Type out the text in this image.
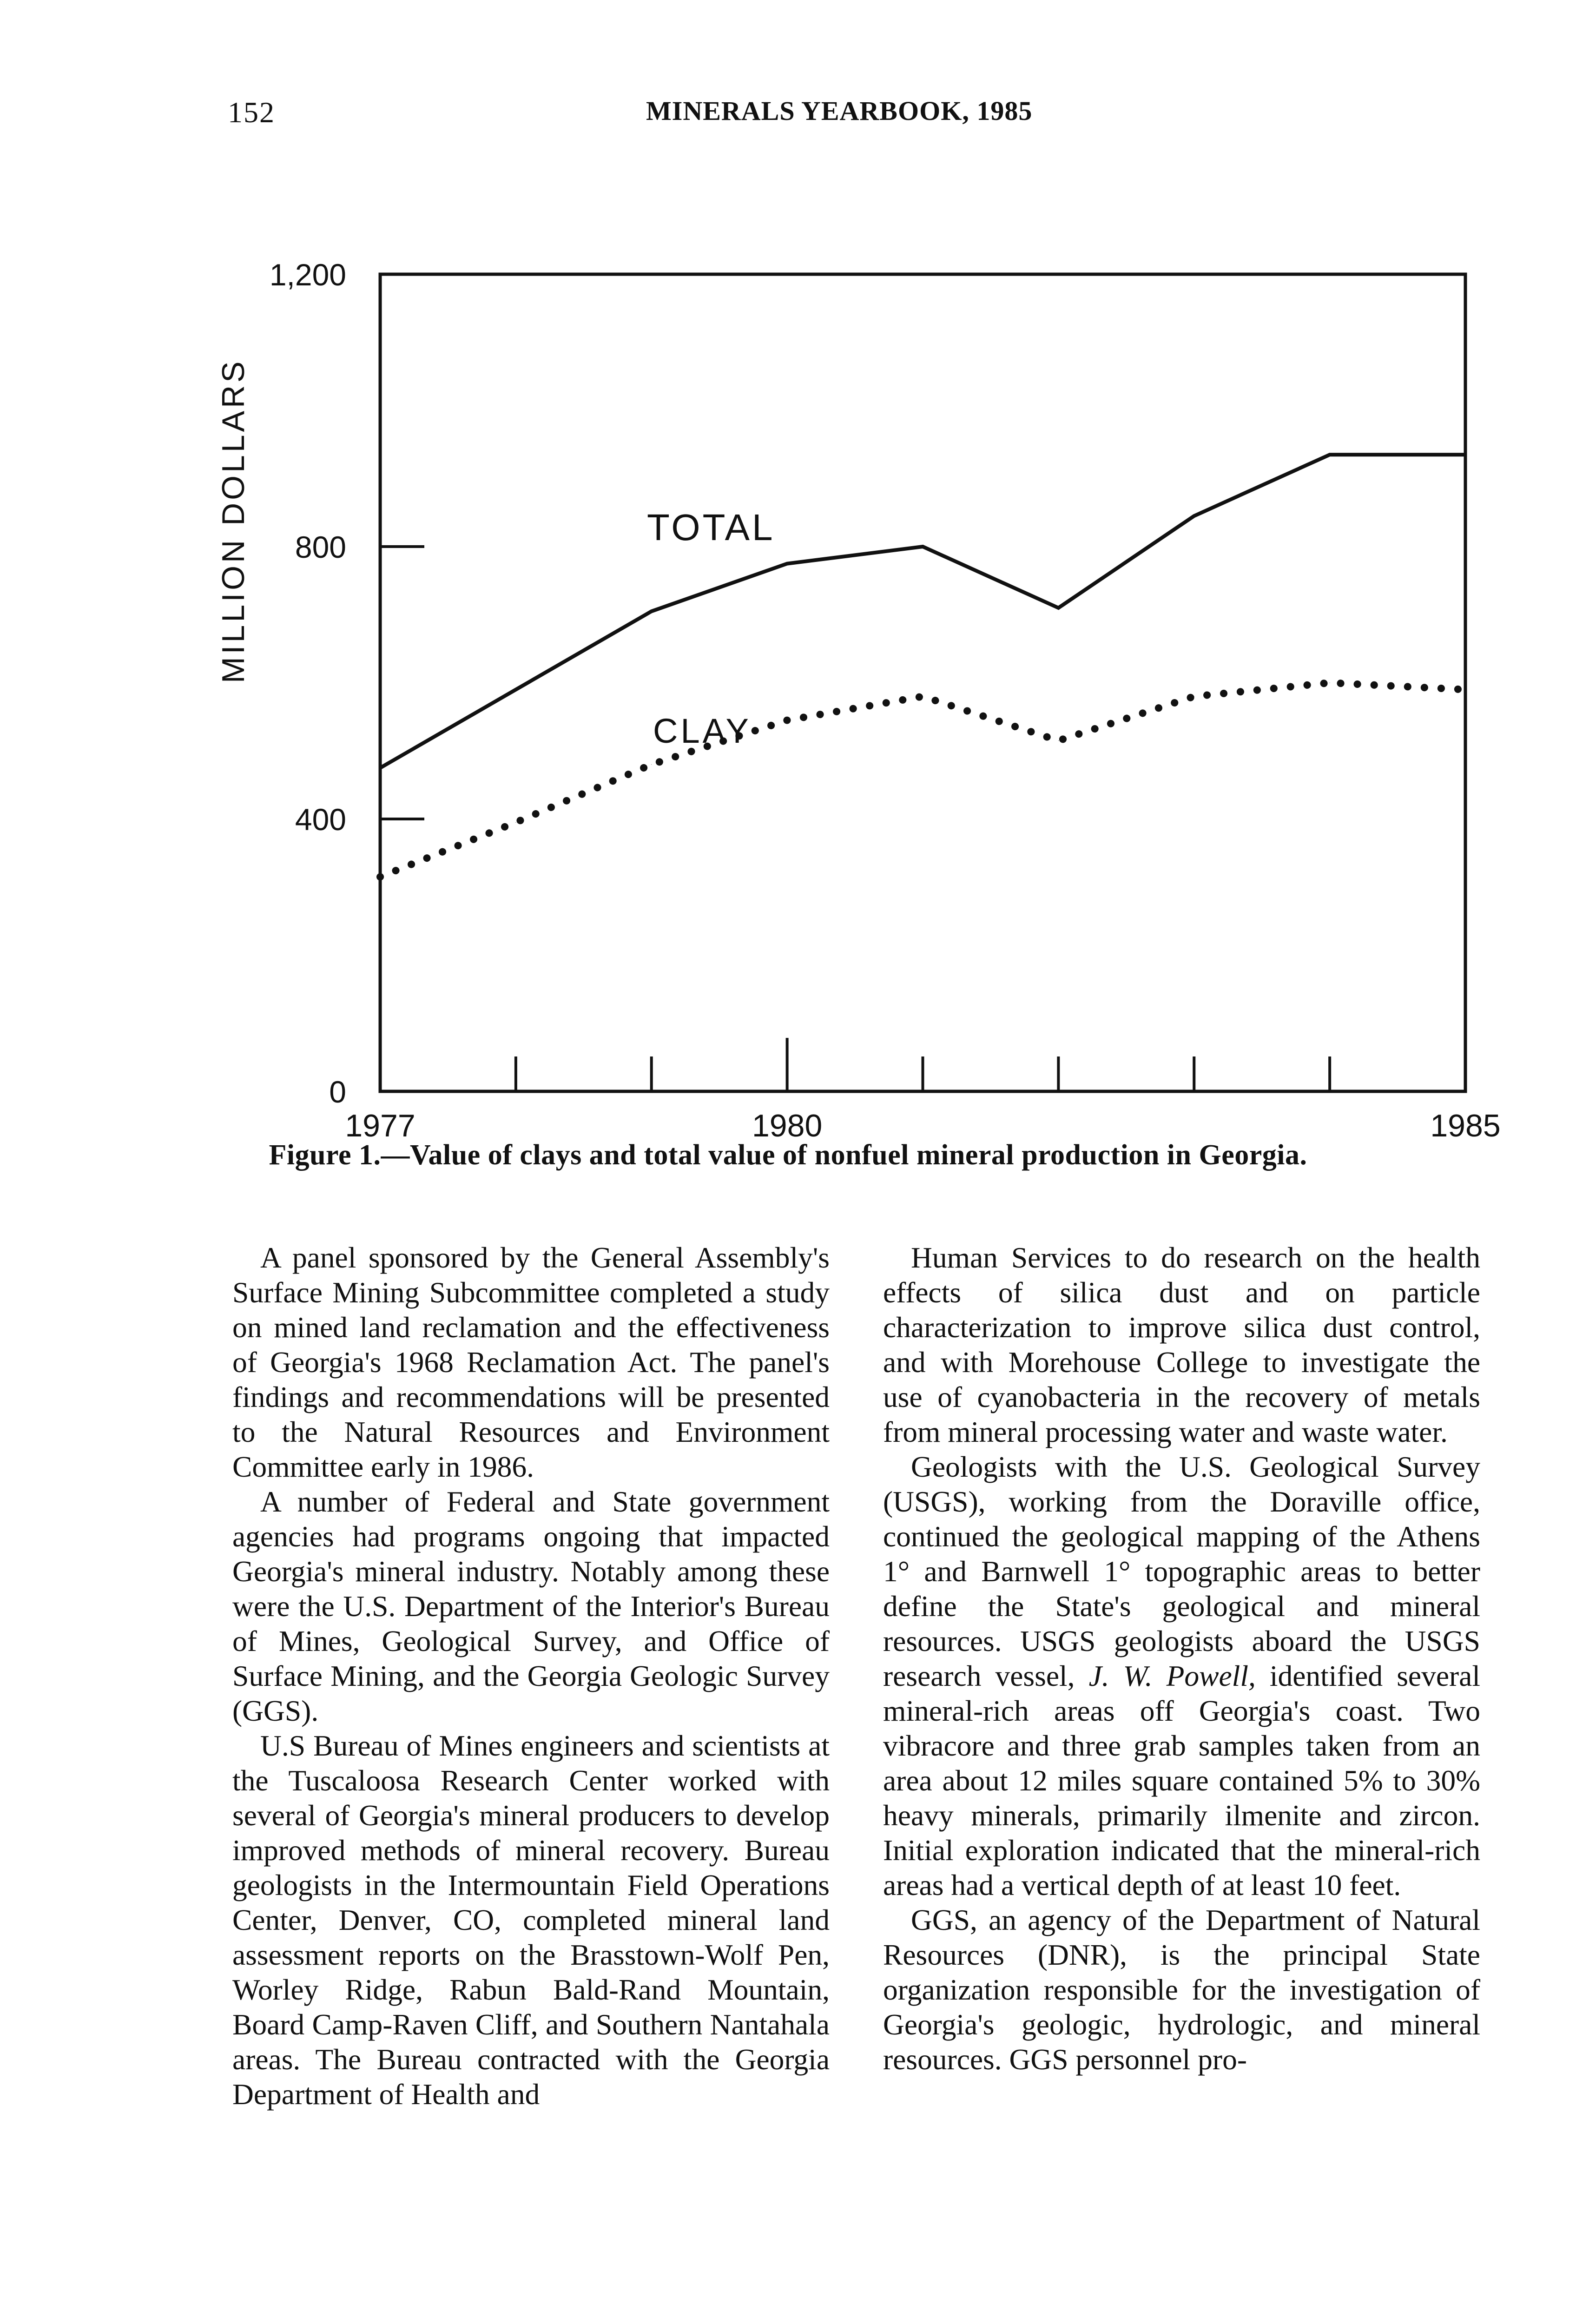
152	MINERALS YEARBOOK, 1985
MILLION DOLLARS
0
400
800
1,200
1977	1980	1985
TOTAL
CLAY
Figure 1.—Value of clays and total value of nonfuel mineral production in Georgia.

A panel sponsored by the General Assembly's Surface Mining Subcommittee completed a study on mined land reclamation and the effectiveness of Georgia's 1968 Reclamation Act. The panel's findings and recommendations will be presented to the Natural Resources and Environment Committee early in 1986.

A number of Federal and State government agencies had programs ongoing that impacted Georgia's mineral industry. Notably among these were the U.S. Department of the Interior's Bureau of Mines, Geological Survey, and Office of Surface Mining, and the Georgia Geologic Survey (GGS).

U.S Bureau of Mines engineers and scientists at the Tuscaloosa Research Center worked with several of Georgia's mineral producers to develop improved methods of mineral recovery. Bureau geologists in the Intermountain Field Operations Center, Denver, CO, completed mineral land assessment reports on the Brasstown-Wolf Pen, Worley Ridge, Rabun Bald-Rand Mountain, Board Camp-Raven Cliff, and Southern Nantahala areas. The Bureau contracted with the Georgia Department of Health and

Human Services to do research on the health effects of silica dust and on particle characterization to improve silica dust control, and with Morehouse College to investigate the use of cyanobacteria in the recovery of metals from mineral processing water and waste water.

Geologists with the U.S. Geological Survey (USGS), working from the Doraville office, continued the geological mapping of the Athens 1° and Barnwell 1° topographic areas to better define the State's geological and mineral resources. USGS geologists aboard the USGS research vessel, J. W. Powell, identified several mineral-rich areas off Georgia's coast. Two vibracore and three grab samples taken from an area about 12 miles square contained 5% to 30% heavy minerals, primarily ilmenite and zircon. Initial exploration indicated that the mineral-rich areas had a vertical depth of at least 10 feet.

GGS, an agency of the Department of Natural Resources (DNR), is the principal State organization responsible for the investigation of Georgia's geologic, hydrologic, and mineral resources. GGS personnel pro-
